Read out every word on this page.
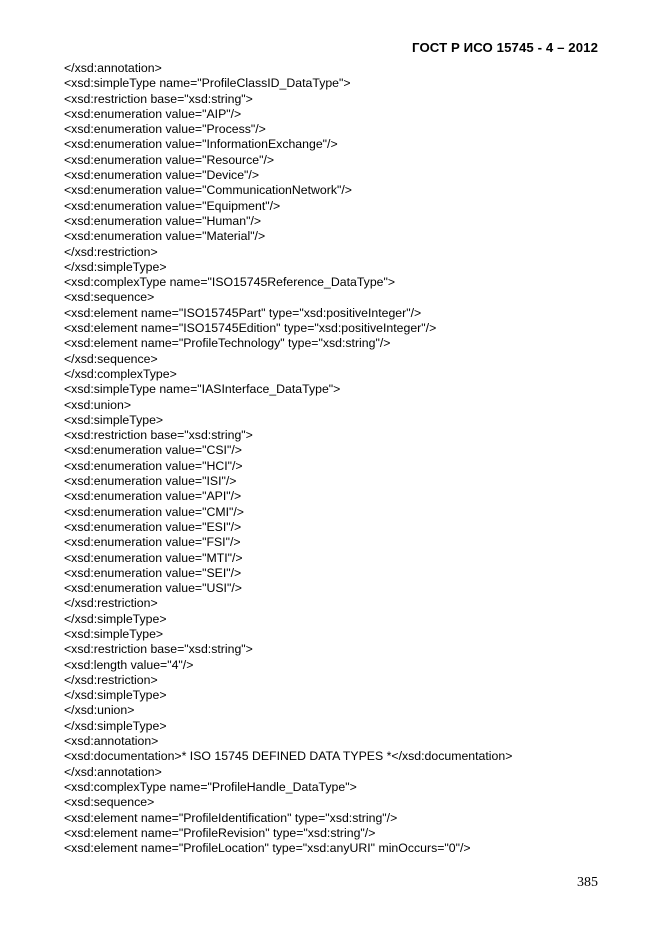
ГОСТ Р ИСО 15745 - 4 – 2012
</xsd:annotation>
<xsd:simpleType name="ProfileClassID_DataType">
<xsd:restriction base="xsd:string">
<xsd:enumeration value="AIP"/>
<xsd:enumeration value="Process"/>
<xsd:enumeration value="InformationExchange"/>
<xsd:enumeration value="Resource"/>
<xsd:enumeration value="Device"/>
<xsd:enumeration value="CommunicationNetwork"/>
<xsd:enumeration value="Equipment"/>
<xsd:enumeration value="Human"/>
<xsd:enumeration value="Material"/>
</xsd:restriction>
</xsd:simpleType>
<xsd:complexType name="ISO15745Reference_DataType">
<xsd:sequence>
<xsd:element name="ISO15745Part" type="xsd:positiveInteger"/>
<xsd:element name="ISO15745Edition" type="xsd:positiveInteger"/>
<xsd:element name="ProfileTechnology" type="xsd:string"/>
</xsd:sequence>
</xsd:complexType>
<xsd:simpleType name="IASInterface_DataType">
<xsd:union>
<xsd:simpleType>
<xsd:restriction base="xsd:string">
<xsd:enumeration value="CSI"/>
<xsd:enumeration value="HCI"/>
<xsd:enumeration value="ISI"/>
<xsd:enumeration value="API"/>
<xsd:enumeration value="CMI"/>
<xsd:enumeration value="ESI"/>
<xsd:enumeration value="FSI"/>
<xsd:enumeration value="MTI"/>
<xsd:enumeration value="SEI"/>
<xsd:enumeration value="USI"/>
</xsd:restriction>
</xsd:simpleType>
<xsd:simpleType>
<xsd:restriction base="xsd:string">
<xsd:length value="4"/>
</xsd:restriction>
</xsd:simpleType>
</xsd:union>
</xsd:simpleType>
<xsd:annotation>
<xsd:documentation>* ISO 15745 DEFINED DATA TYPES *</xsd:documentation>
</xsd:annotation>
<xsd:complexType name="ProfileHandle_DataType">
<xsd:sequence>
<xsd:element name="ProfileIdentification" type="xsd:string"/>
<xsd:element name="ProfileRevision" type="xsd:string"/>
<xsd:element name="ProfileLocation" type="xsd:anyURI" minOccurs="0"/>
385
